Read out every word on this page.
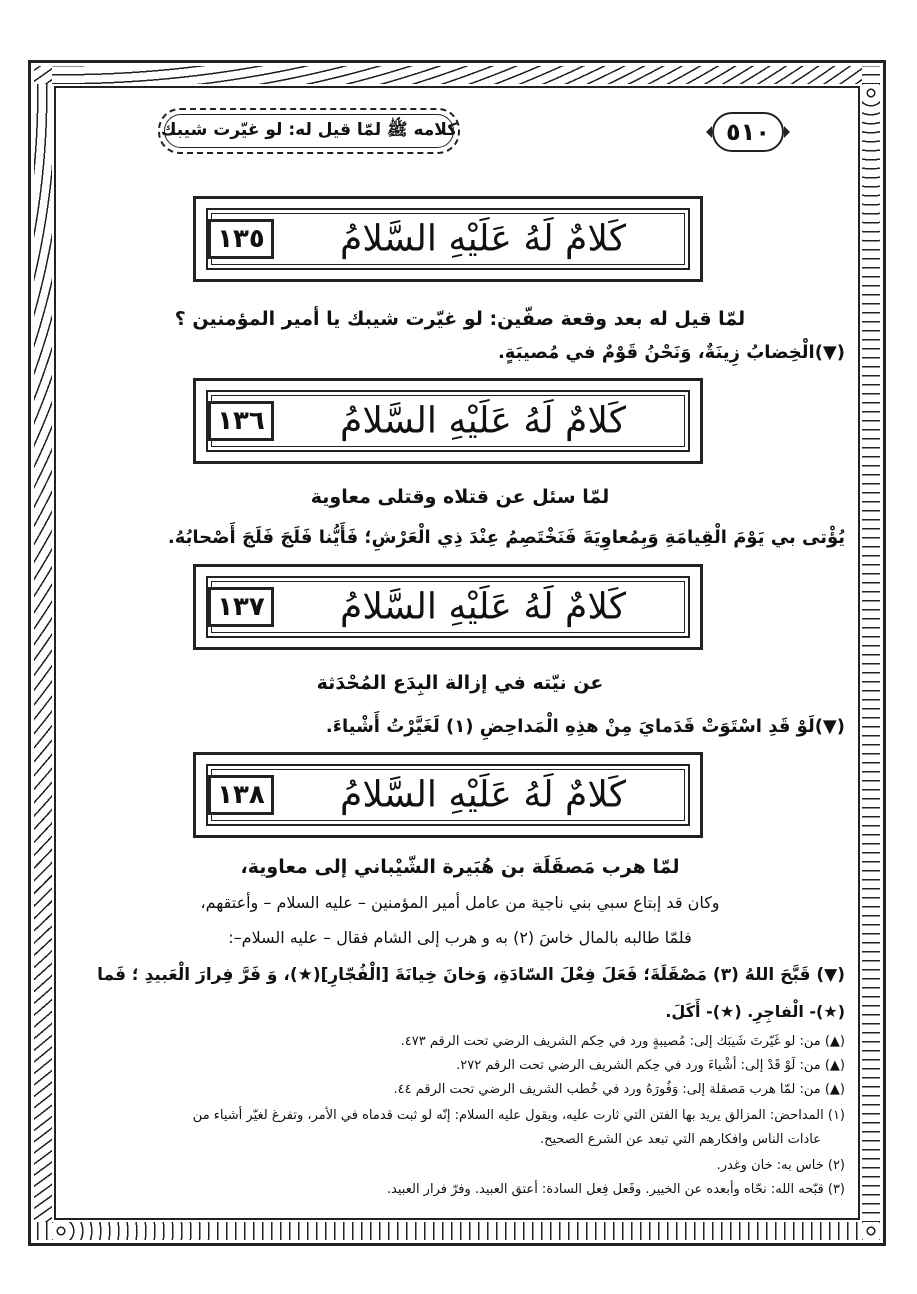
كلامه ﷺ لمّا قيل له: لو غيّرت شيبك	٥١٠
١٣٥	كَلامٌ لَهُ عَلَيْهِ السَّلامُ
لمّا قيل له بعد وقعة صفّين: لو غيّرت شيبك يا أمير المؤمنين ؟
(▼)الْخِضابُ زِينَةٌ، وَنَحْنُ قَوْمٌ في مُصيبَةٍ.
١٣٦	كَلامٌ لَهُ عَلَيْهِ السَّلامُ
لمّا سئل عن قتلاه وقتلى معاوية
يُؤْتى بي يَوْمَ الْقِيامَةِ وَبِمُعاوِيَةَ فَنَخْتَصِمُ عِنْدَ ذِي الْعَرْشِ؛ فَأَيُّنا فَلَجَ فَلَجَ أَصْحابُهُ.
١٣٧	كَلامٌ لَهُ عَلَيْهِ السَّلامُ
عن نيّته في إزالة البِدَع المُحْدَثة
(▼)لَوْ قَدِ اسْتَوَتْ قَدَمايَ مِنْ هذِهِ الْمَداحِضِ (١) لَغَيَّرْتُ أَشْياءَ.
١٣٨	كَلامٌ لَهُ عَلَيْهِ السَّلامُ
لمّا هرب مَصقَلَة بن هُبَيرة الشّيْباني إلى معاوية،
وكان قد إبتاع سبي بني ناجية من عامل أمير المؤمنين – عليه السلام – وأعتقهم،
فلمّا طالبه بالمال خاسَ (٢) به و هرب إلى الشام فقال – عليه السلام–:
(▼) قَبَّحَ اللهُ (٣) مَصْقَلَةَ؛ فَعَلَ فِعْلَ السّادَةِ، وَخانَ خِيانَةَ [الْفُجّارِ](★)، وَ فَرَّ فِرارَ الْعَبيدِ ؛ فَما
(★)- الْفاجِرِ. (★)- أَكَلَ.
(▲) من: لو غَيّرتَ شَيبَك إلى: مُصيبةٍ ورد في حِكم الشريف الرضي تحت الرقم ٤٧٣.
(▲) من: لَوْ قَدْ إلى: أشْياءَ ورد في حِكم الشريف الرضي تحت الرقم ٢٧٢.
(▲) من: لمّا هرب مَصقلة إلى: وَفُورَهُ ورد في خُطب الشريف الرضي تحت الرقم ٤٤.
(١) المداحض: المزالق يريد بها الفتن التي ثارت عليه، ويقول عليه السلام: إنّه لو ثبت قدماه في الأمر، وتفرغ لغيّر أشياء من
عادات الناس وافكارهم التي تبعد عن الشرع الصحيح.
(٢) خاس به: خان وغدر.
(٣) قبّحه الله: نحّاه وأبعده عن الخيير. وفَعل فِعل السادة: أعتق العبيد. وفرّ فرار العبيد.
